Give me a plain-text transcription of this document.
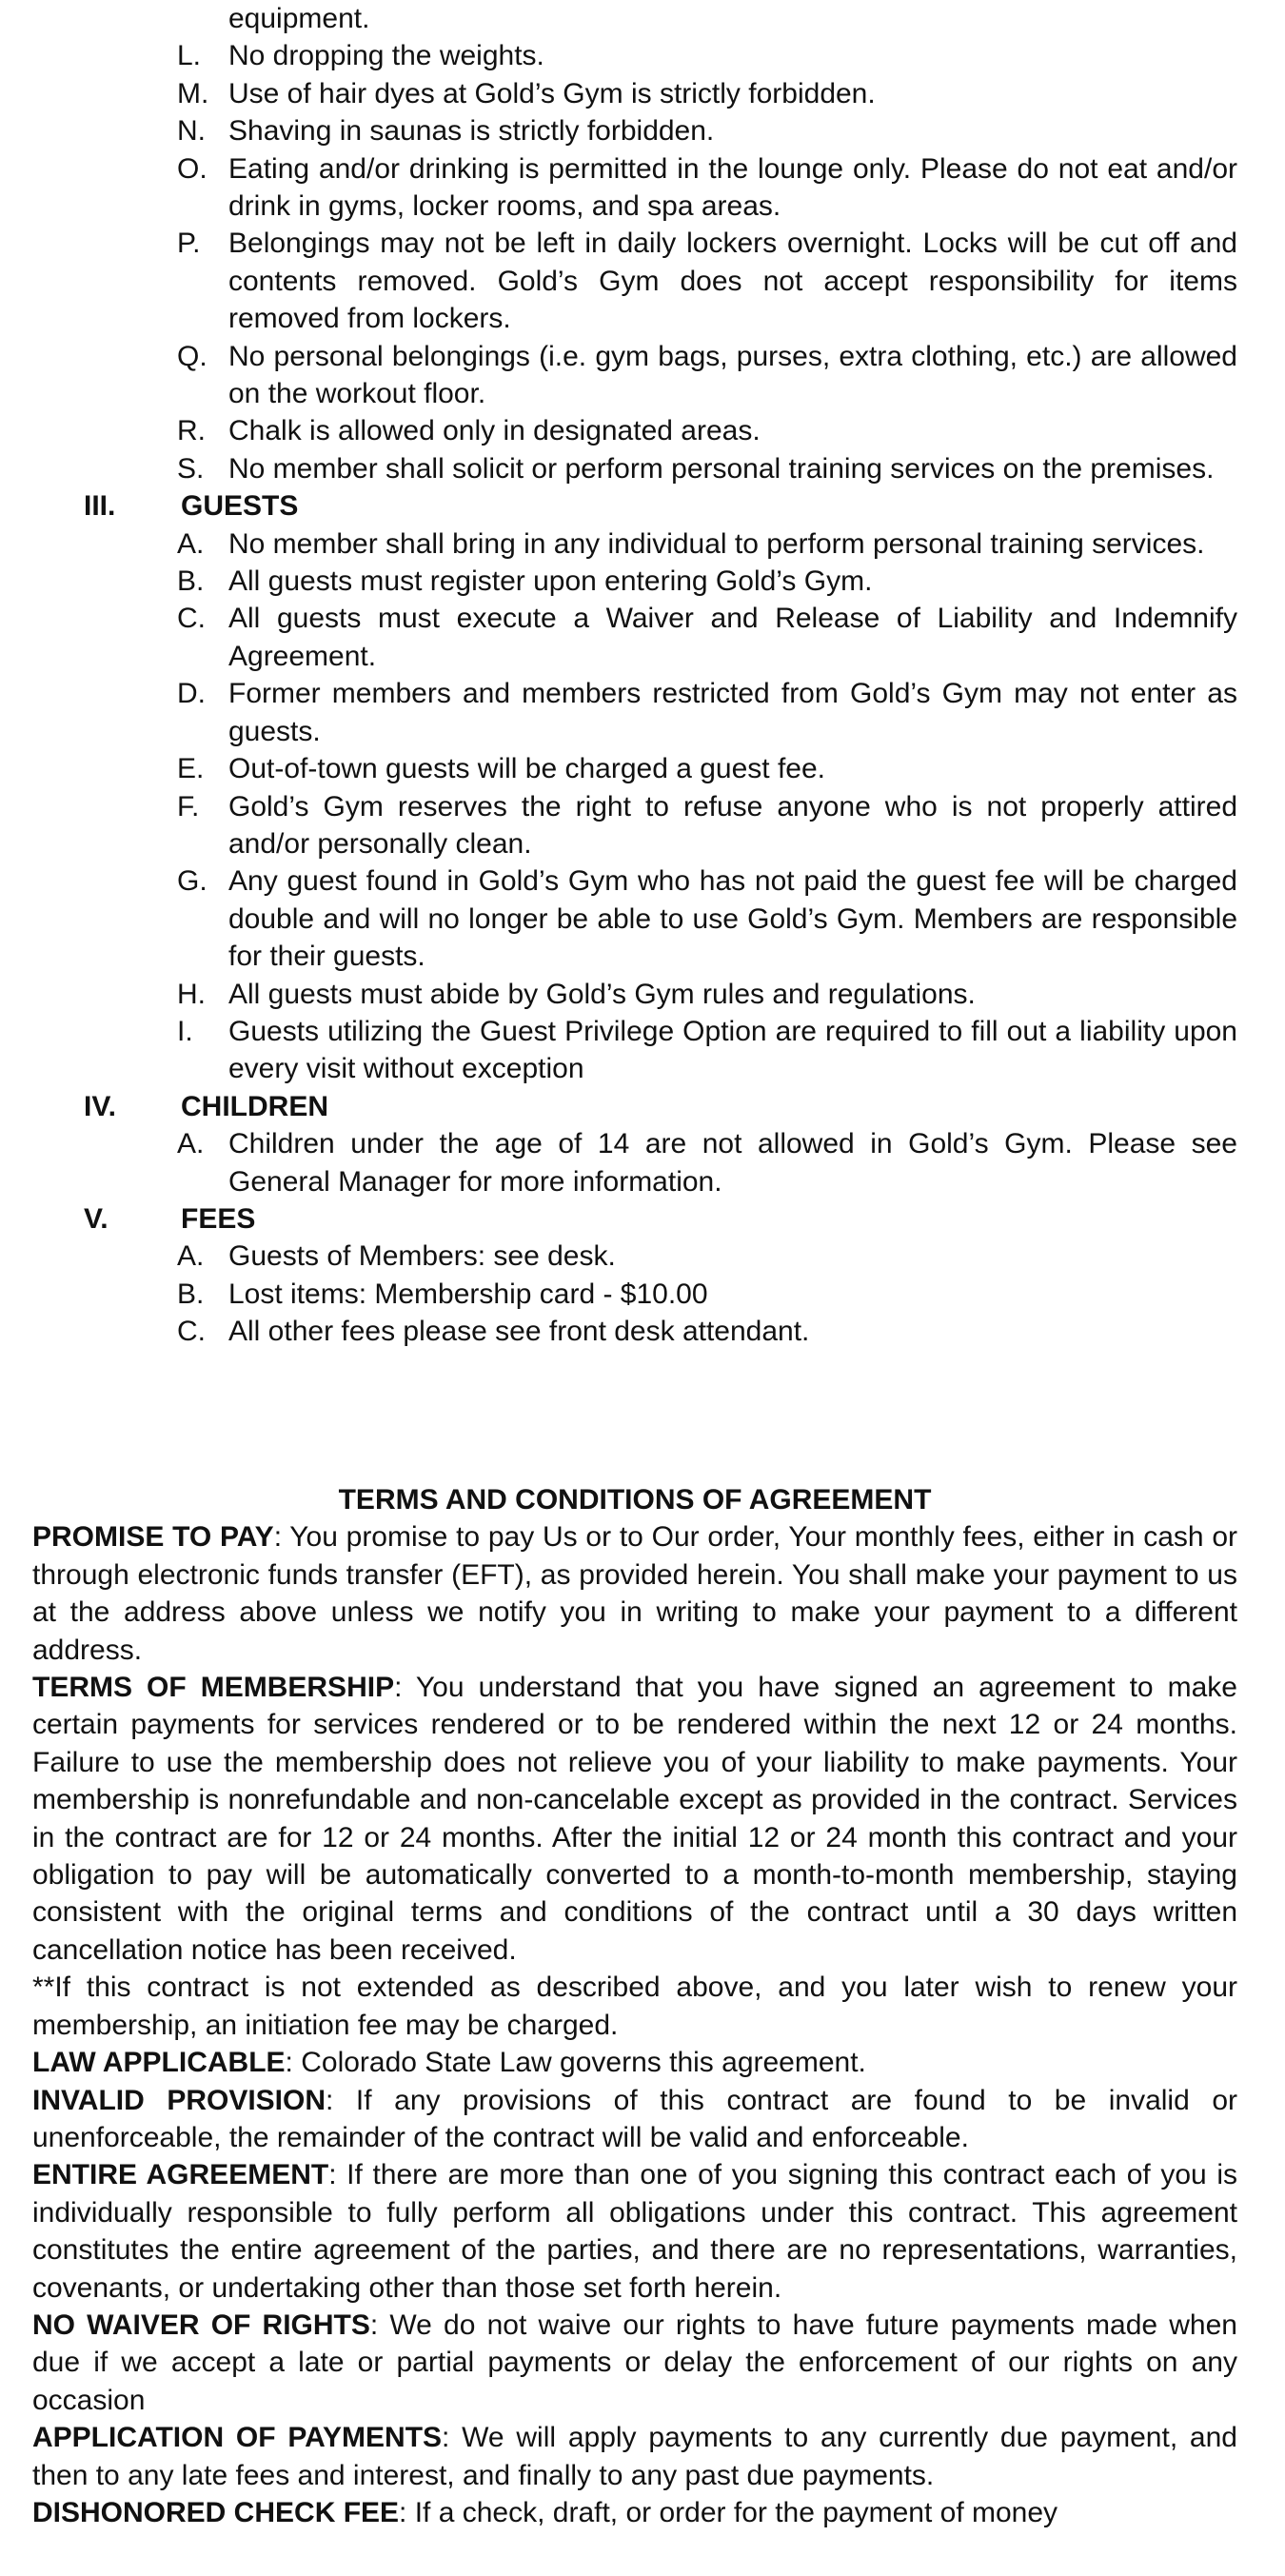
equipment.
L. No dropping the weights.
M. Use of hair dyes at Gold’s Gym is strictly forbidden.
N. Shaving in saunas is strictly forbidden.
O. Eating and/or drinking is permitted in the lounge only. Please do not eat and/or drink in gyms, locker rooms, and spa areas.
P. Belongings may not be left in daily lockers overnight. Locks will be cut off and contents removed. Gold’s Gym does not accept responsibility for items removed from lockers.
Q. No personal belongings (i.e. gym bags, purses, extra clothing, etc.) are allowed on the workout floor.
R. Chalk is allowed only in designated areas.
S. No member shall solicit or perform personal training services on the premises.
III. GUESTS
A. No member shall bring in any individual to perform personal training services.
B. All guests must register upon entering Gold’s Gym.
C. All guests must execute a Waiver and Release of Liability and Indemnify Agreement.
D. Former members and members restricted from Gold’s Gym may not enter as guests.
E. Out-of-town guests will be charged a guest fee.
F.	Gold’s Gym reserves the right to refuse anyone who is not properly attired and/or personally clean.
G. Any guest found in Gold’s Gym who has not paid the guest fee will be charged double and will no longer be able to use Gold’s Gym. Members are responsible for their guests.
H. All guests must abide by Gold’s Gym rules and regulations.
I.	Guests utilizing the Guest Privilege Option are required to fill out a liability upon every visit without exception
IV. CHILDREN
A. Children under the age of 14 are not allowed in Gold’s Gym. Please see General Manager for more information.
V.	FEES
A. Guests of Members: see desk.
B. Lost items: Membership card - $10.00
C. All other fees please see front desk attendant.
TERMS AND CONDITIONS OF AGREEMENT

PROMISE TO PAY: You promise to pay Us or to Our order, Your monthly fees, either in cash or through electronic funds transfer (EFT), as provided herein. You shall make your payment to us at the address above unless we notify you in writing to make your payment to a different address.

TERMS OF MEMBERSHIP: You understand that you have signed an agreement to make certain payments for services rendered or to be rendered within the next 12 or 24 months. Failure to use the membership does not relieve you of your liability to make payments. Your membership is nonrefundable and non-cancelable except as provided in the contract. Services in the contract are for 12 or 24 months. After the initial 12 or 24 month this contract and your obligation to pay will be automatically converted to a month-to-month membership, staying consistent with the original terms and conditions of the contract until a 30 days written cancellation notice has been received.

**If this contract is not extended as described above, and you later wish to renew your membership, an initiation fee may be charged.

LAW APPLICABLE: Colorado State Law governs this agreement.

INVALID PROVISION: If any provisions of this contract are found to be invalid or unenforceable, the remainder of the contract will be valid and enforceable.

ENTIRE AGREEMENT: If there are more than one of you signing this contract each of you is individually responsible to fully perform all obligations under this contract. This agreement constitutes the entire agreement of the parties, and there are no representations, warranties, covenants, or undertaking other than those set forth herein.

NO WAIVER OF RIGHTS: We do not waive our rights to have future payments made when due if we accept a late or partial payments or delay the enforcement of our rights on any occasion

APPLICATION OF PAYMENTS: We will apply payments to any currently due payment, and then to any late fees and interest, and finally to any past due payments.

DISHONORED CHECK FEE: If a check, draft, or order for the payment of money
